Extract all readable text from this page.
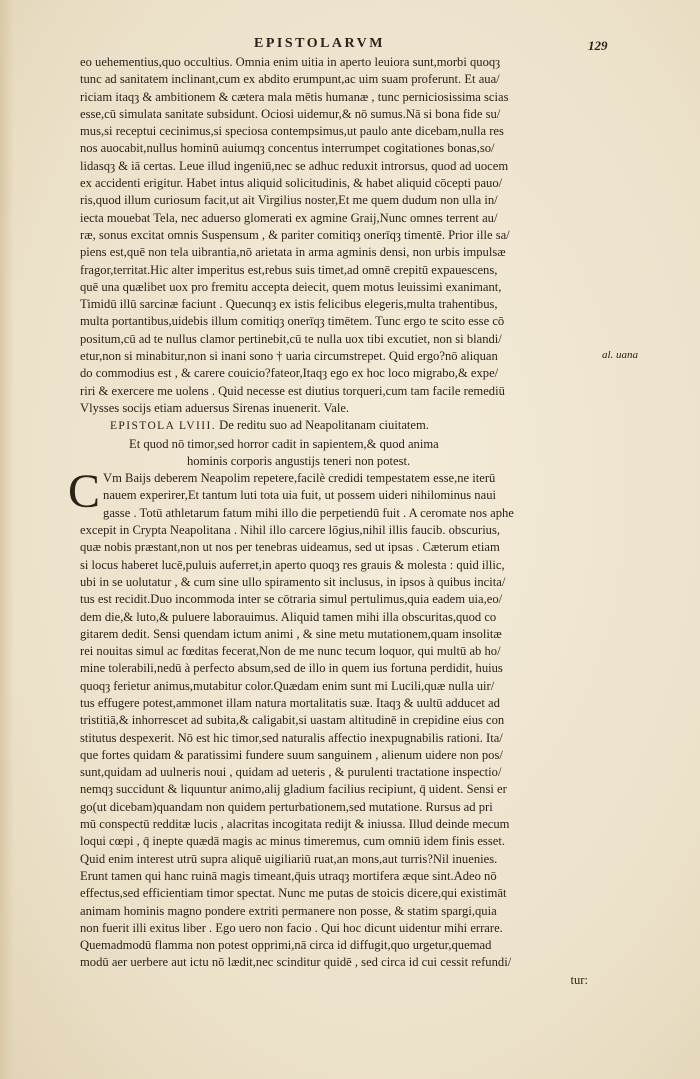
EPISTOLARVM	129
al. uana
eo uehementius,quo occultius. Omnia enim uitia in aperto leuiora sunt,morbi quoqȝ
tunc ad sanitatem inclinant,cum ex abdito erumpunt,ac uim suam proferunt. Et aua/
riciam itaqȝ & ambitionem & cætera mala mētis humanæ , tunc perniciosissima scias
esse,cū simulata sanitate subsidunt. Ociosi uidemur,& nō sumus.Nā si bona fide su/
mus,si receptui cecinimus,si speciosa contempsimus,ut paulo ante dicebam,nulla res
nos auocabit,nullus hominū auiumqȝ concentus interrumpet cogitationes bonas,so/
lidasqȝ & iā certas. Leue illud ingeniū,nec se adhuc reduxit introrsus, quod ad uocem
ex accidenti erigitur. Habet intus aliquid solicitudinis, & habet aliquid cōcepti pauo/
ris,quod illum curiosum facit,ut ait Virgilius noster,Et me quem dudum non ulla in/
iecta mouebat Tela, nec aduerso glomerati ex agmine Graij,Nunc omnes terrent au/
ræ, sonus excitat omnis Suspensum , & pariter comitiqȝ onerīqȝ timentē. Prior ille sa/
piens est,quē non tela uibrantia,nō arietata in arma agminis densi, non urbis impulsæ
fragor,territat.Hic alter imperitus est,rebus suis timet,ad omnē crepitū expauescens,
quē una quælibet uox pro fremitu accepta deiecit, quem motus leuissimi exanimant,
Timidū illū sarcinæ faciunt . Quecunqȝ ex istis felicibus elegeris,multa trahentibus,
multa portantibus,uidebis illum comitiqȝ onerīqȝ timētem. Tunc ergo te scito esse cō
positum,cū ad te nullus clamor pertinebit,cū te nulla uox tibi excutiet, non si blandi/
etur,non si minabitur,non si inani sono † uaria circumstrepet. Quid ergo?nō aliquan
do commodius est , & carere couicio?fateor,Itaqȝ ego ex hoc loco migrabo,& expe/
riri & exercere me uolens . Quid necesse est diutius torqueri,cum tam facile remediū
Vlysses socijs etiam aduersus Sirenas inuenerit. Vale.
EPISTOLA LVIII. De reditu suo ad Neapolitanam ciuitatem.
Et quod nō timor,sed horror cadit in sapientem,& quod anima
hominis corporis angustijs teneri non potest.
C Vm Baijs deberem Neapolim repetere,facilè credidi tempestatem esse,ne iterū
nauem experirer,Et tantum luti tota uia fuit, ut possem uideri nihilominus naui
gasse . Totū athletarum fatum mihi illo die perpetiendū fuit . A ceromate nos aphe
excepit in Crypta Neapolitana . Nihil illo carcere lōgius,nihil illis faucib. obscurius,
quæ nobis præstant,non ut nos per tenebras uideamus, sed ut ipsas . Cæterum etiam
si locus haberet lucē,puluis auferret,in aperto quoqȝ res grauis & molesta : quid illic,
ubi in se uolutatur , & cum sine ullo spiramento sit inclusus, in ipsos à quibus incita/
tus est recidit.Duo incommoda inter se cōtraria simul pertulimus,quia eadem uia,eo/
dem die,& luto,& puluere laborauimus. Aliquid tamen mihi illa obscuritas,quod co
gitarem dedit. Sensi quendam ictum animi , & sine metu mutationem,quam insolitæ
rei nouitas simul ac fœditas fecerat,Non de me nunc tecum loquor, qui multū ab ho/
mine tolerabili,nedū à perfecto absum,sed de illo in quem ius fortuna perdidit, huius
quoqȝ ferietur animus,mutabitur color.Quædam enim sunt mi Lucili,quæ nulla uir/
tus effugere potest,ammonet illam natura mortalitatis suæ. Itaqȝ & uultū adducet ad
tristitiā,& inhorrescet ad subita,& caligabit,si uastam altitudinē in crepidine eius con
stitutus despexerit. Nō est hic timor,sed naturalis affectio inexpugnabilis rationi. Ita/
que fortes quidam & paratissimi fundere suum sanguinem , alienum uidere non pos/
sunt,quidam ad uulneris noui , quidam ad ueteris , & purulenti tractatione inspectio/
nemqȝ succidunt & liquuntur animo,alij gladium facilius recipiunt, q̄ uident. Sensi er
go(ut dicebam)quandam non quidem perturbationem,sed mutatione. Rursus ad pri
mū conspectū redditæ lucis , alacritas incogitata redijt & iniussa. Illud deinde mecum
loqui cœpi , q̄ inepte quædā magis ac minus timeremus, cum omniū idem finis esset.
Quid enim interest utrū supra aliquē uigiliariū ruat,an mons,aut turris?Nil inuenies.
Erunt tamen qui hanc ruinā magis timeant,q̄uis utraqȝ mortifera æque sint.Adeo nō
effectus,sed efficientiam timor spectat. Nunc me putas de stoicis dicere,qui existimāt
animam hominis magno pondere extriti permanere non posse, & statim spargi,quia
non fuerit illi exitus liber . Ego uero non facio . Qui hoc dicunt uidentur mihi errare.
Quemadmodū flamma non potest opprimi,nā circa id diffugit,quo urgetur,quemad
modū aer uerbere aut ictu nō lædit,nec scinditur quidē , sed circa id cui cessit refundi/
tur:
